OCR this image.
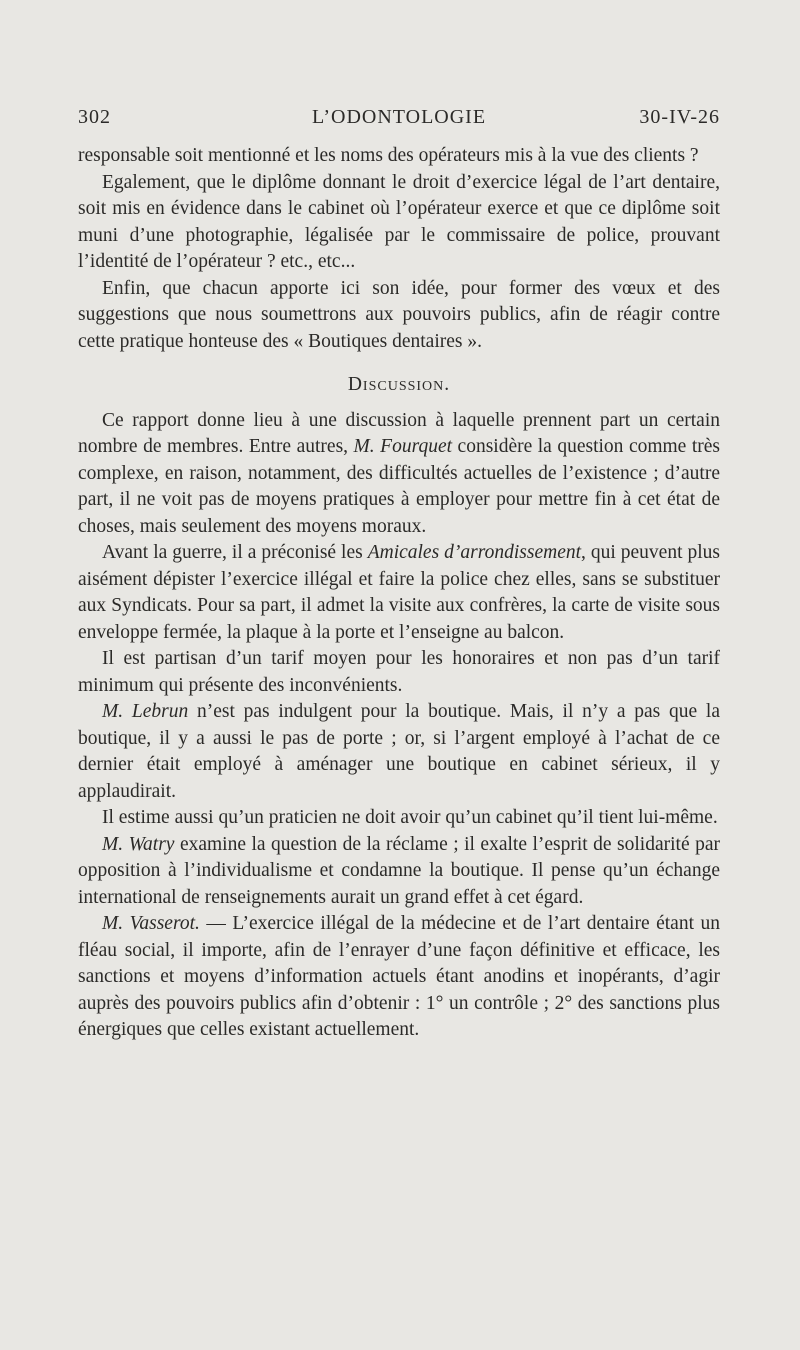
302	L’ODONTOLOGIE	30-IV-26

responsable soit mentionné et les noms des opérateurs mis à la vue des clients ?

Egalement, que le diplôme donnant le droit d’exercice légal de l’art dentaire, soit mis en évidence dans le cabinet où l’opérateur exerce et que ce diplôme soit muni d’une photographie, légalisée par le commissaire de police, prouvant l’identité de l’opérateur ? etc., etc...

Enfin, que chacun apporte ici son idée, pour former des vœux et des suggestions que nous soumettrons aux pouvoirs publics, afin de réagir contre cette pratique honteuse des « Boutiques dentaires ».

Discussion.

Ce rapport donne lieu à une discussion à laquelle prennent part un certain nombre de membres. Entre autres, M. Fourquet considère la question comme très complexe, en raison, notamment, des difficultés actuelles de l’existence ; d’autre part, il ne voit pas de moyens pratiques à employer pour mettre fin à cet état de choses, mais seulement des moyens moraux.

Avant la guerre, il a préconisé les Amicales d’arrondissement, qui peuvent plus aisément dépister l’exercice illégal et faire la police chez elles, sans se substituer aux Syndicats. Pour sa part, il admet la visite aux confrères, la carte de visite sous enveloppe fermée, la plaque à la porte et l’enseigne au balcon.

Il est partisan d’un tarif moyen pour les honoraires et non pas d’un tarif minimum qui présente des inconvénients.

M. Lebrun n’est pas indulgent pour la boutique. Mais, il n’y a pas que la boutique, il y a aussi le pas de porte ; or, si l’argent employé à l’achat de ce dernier était employé à aménager une boutique en cabinet sérieux, il y applaudirait.

Il estime aussi qu’un praticien ne doit avoir qu’un cabinet qu’il tient lui-même.

M. Watry examine la question de la réclame ; il exalte l’esprit de solidarité par opposition à l’individualisme et condamne la boutique. Il pense qu’un échange international de renseignements aurait un grand effet à cet égard.

M. Vasserot. — L’exercice illégal de la médecine et de l’art dentaire étant un fléau social, il importe, afin de l’enrayer d’une façon définitive et efficace, les sanctions et moyens d’information actuels étant anodins et inopérants, d’agir auprès des pouvoirs publics afin d’obtenir : 1° un contrôle ; 2° des sanctions plus énergiques que celles existant actuellement.
